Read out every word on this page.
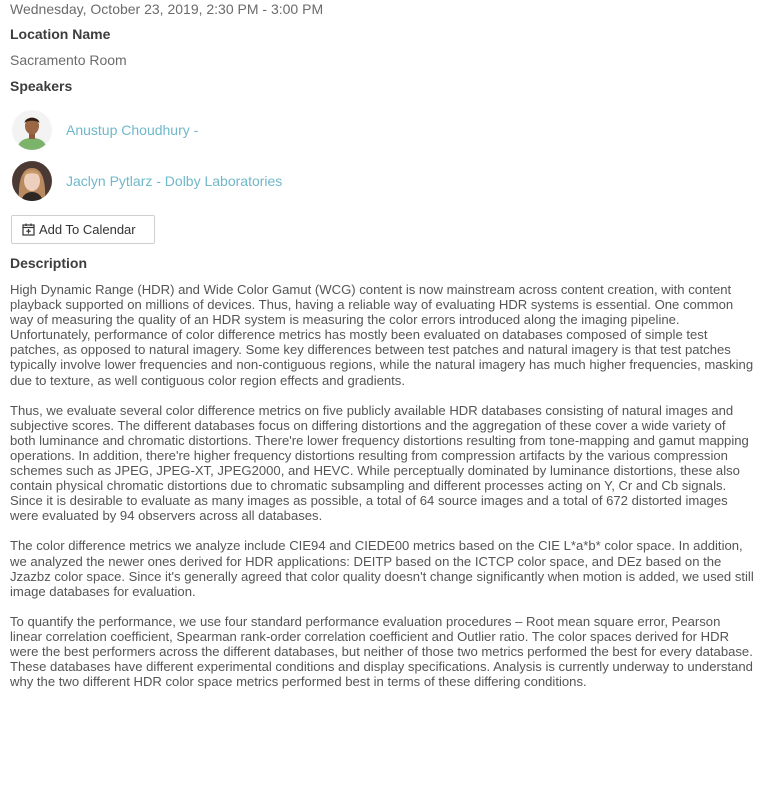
Wednesday, October 23, 2019, 2:30 PM - 3:00 PM
Location Name
Sacramento Room
Speakers
Anustup Choudhury -
Jaclyn Pytlarz - Dolby Laboratories
Add To Calendar
Description

High Dynamic Range (HDR) and Wide Color Gamut (WCG) content is now mainstream across content creation, with content playback supported on millions of devices. Thus, having a reliable way of evaluating HDR systems is essential. One common way of measuring the quality of an HDR system is measuring the color errors introduced along the imaging pipeline. Unfortunately, performance of color difference metrics has mostly been evaluated on databases composed of simple test patches, as opposed to natural imagery. Some key differences between test patches and natural imagery is that test patches typically involve lower frequencies and non-contiguous regions, while the natural imagery has much higher frequencies, masking due to texture, as well contiguous color region effects and gradients.

Thus, we evaluate several color difference metrics on five publicly available HDR databases consisting of natural images and subjective scores. The different databases focus on differing distortions and the aggregation of these cover a wide variety of both luminance and chromatic distortions. There're lower frequency distortions resulting from tone-mapping and gamut mapping operations. In addition, there're higher frequency distortions resulting from compression artifacts by the various compression schemes such as JPEG, JPEG-XT, JPEG2000, and HEVC. While perceptually dominated by luminance distortions, these also contain physical chromatic distortions due to chromatic subsampling and different processes acting on Y, Cr and Cb signals. Since it is desirable to evaluate as many images as possible, a total of 64 source images and a total of 672 distorted images were evaluated by 94 observers across all databases.

The color difference metrics we analyze include CIE94 and CIEDE00 metrics based on the CIE L*a*b* color space. In addition, we analyzed the newer ones derived for HDR applications: DEITP based on the ICTCP color space, and DEz based on the Jzazbz color space. Since it's generally agreed that color quality doesn't change significantly when motion is added, we used still image databases for evaluation.

To quantify the performance, we use four standard performance evaluation procedures – Root mean square error, Pearson linear correlation coefficient, Spearman rank-order correlation coefficient and Outlier ratio. The color spaces derived for HDR were the best performers across the different databases, but neither of those two metrics performed the best for every database. These databases have different experimental conditions and display specifications. Analysis is currently underway to understand why the two different HDR color space metrics performed best in terms of these differing conditions.
